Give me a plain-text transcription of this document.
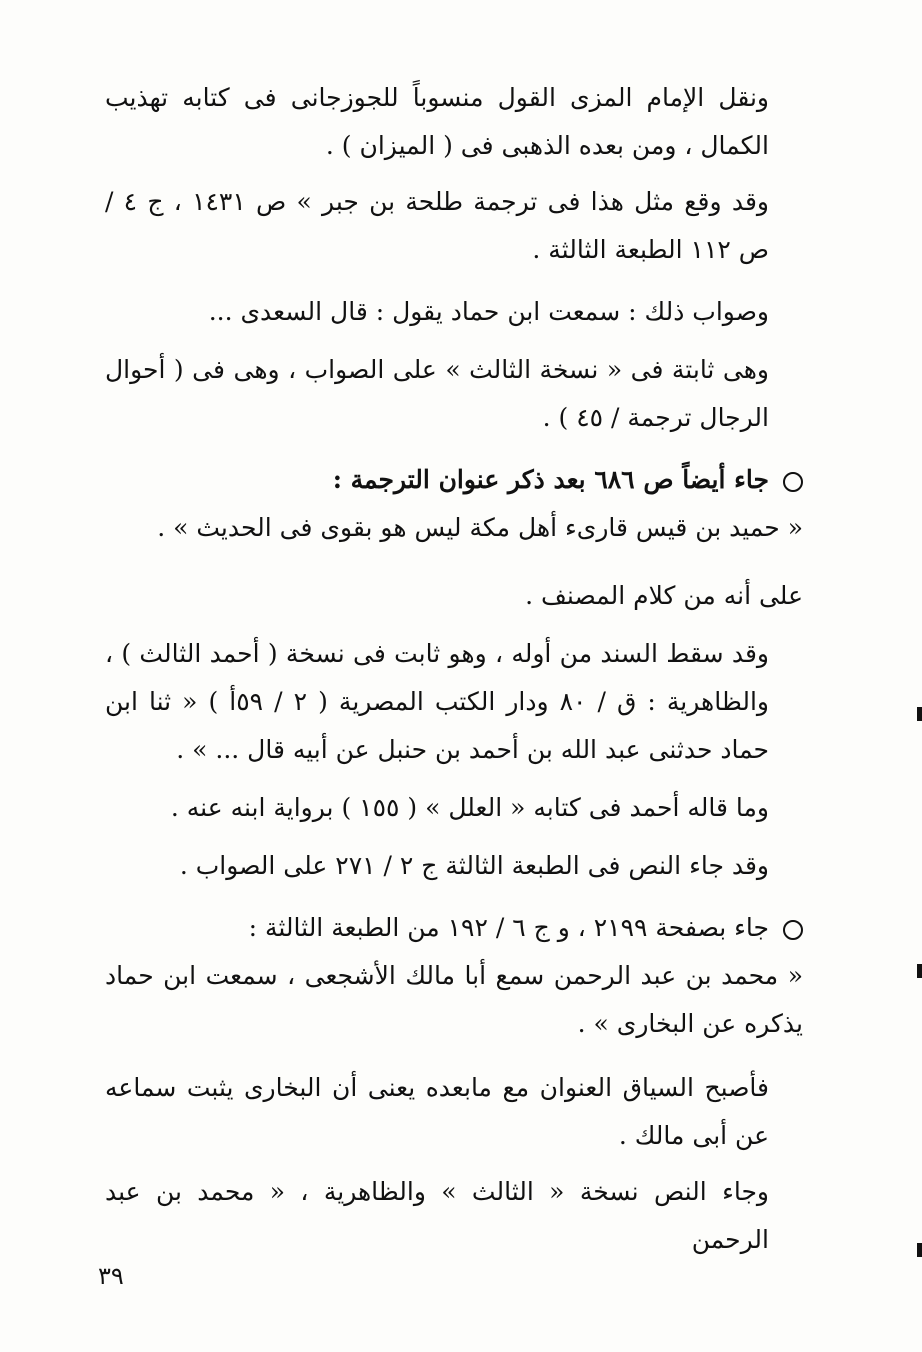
ونقل الإمام المزى القول منسوباً للجوزجانى فى كتابه تهذيب الكمال ، ومن بعده الذهبى فى ( الميزان ) .

وقد وقع مثل هذا فى ترجمة طلحة بن جبر » ص ١٤٣١ ، ج ٤ / ص ١١٢ الطبعة الثالثة .

وصواب ذلك : سمعت ابن حماد يقول : قال السعدى ...

وهى ثابتة فى « نسخة الثالث » على الصواب ، وهى فى ( أحوال الرجال ترجمة / ٤٥ ) .

جاء أيضاً ص ٦٨٦ بعد ذكر عنوان الترجمة :

« حميد بن قيس قارىء أهل مكة ليس هو بقوى فى الحديث » .

على أنه من كلام المصنف .

وقد سقط السند من أوله ، وهو ثابت فى نسخة ( أحمد الثالث ) ، والظاهرية : ق / ٨٠ ودار الكتب المصرية ( ٢ / ٥٩أ ) « ثنا ابن حماد حدثنى عبد الله بن أحمد بن حنبل عن أبيه قال ... » .

وما قاله أحمد فى كتابه « العلل » ( ١٥٥ ) برواية ابنه عنه .

وقد جاء النص فى الطبعة الثالثة ج ٢ / ٢٧١ على الصواب .

جاء بصفحة ٢١٩٩ ، و ج ٦ / ١٩٢ من الطبعة الثالثة :

« محمد بن عبد الرحمن سمع أبا مالك الأشجعى ، سمعت ابن حماد يذكره عن البخارى » .

فأصبح السياق العنوان مع مابعده يعنى أن البخارى يثبت سماعه عن أبى مالك .

وجاء النص نسخة « الثالث » والظاهرية ، « محمد بن عبد الرحمن

٣٩
